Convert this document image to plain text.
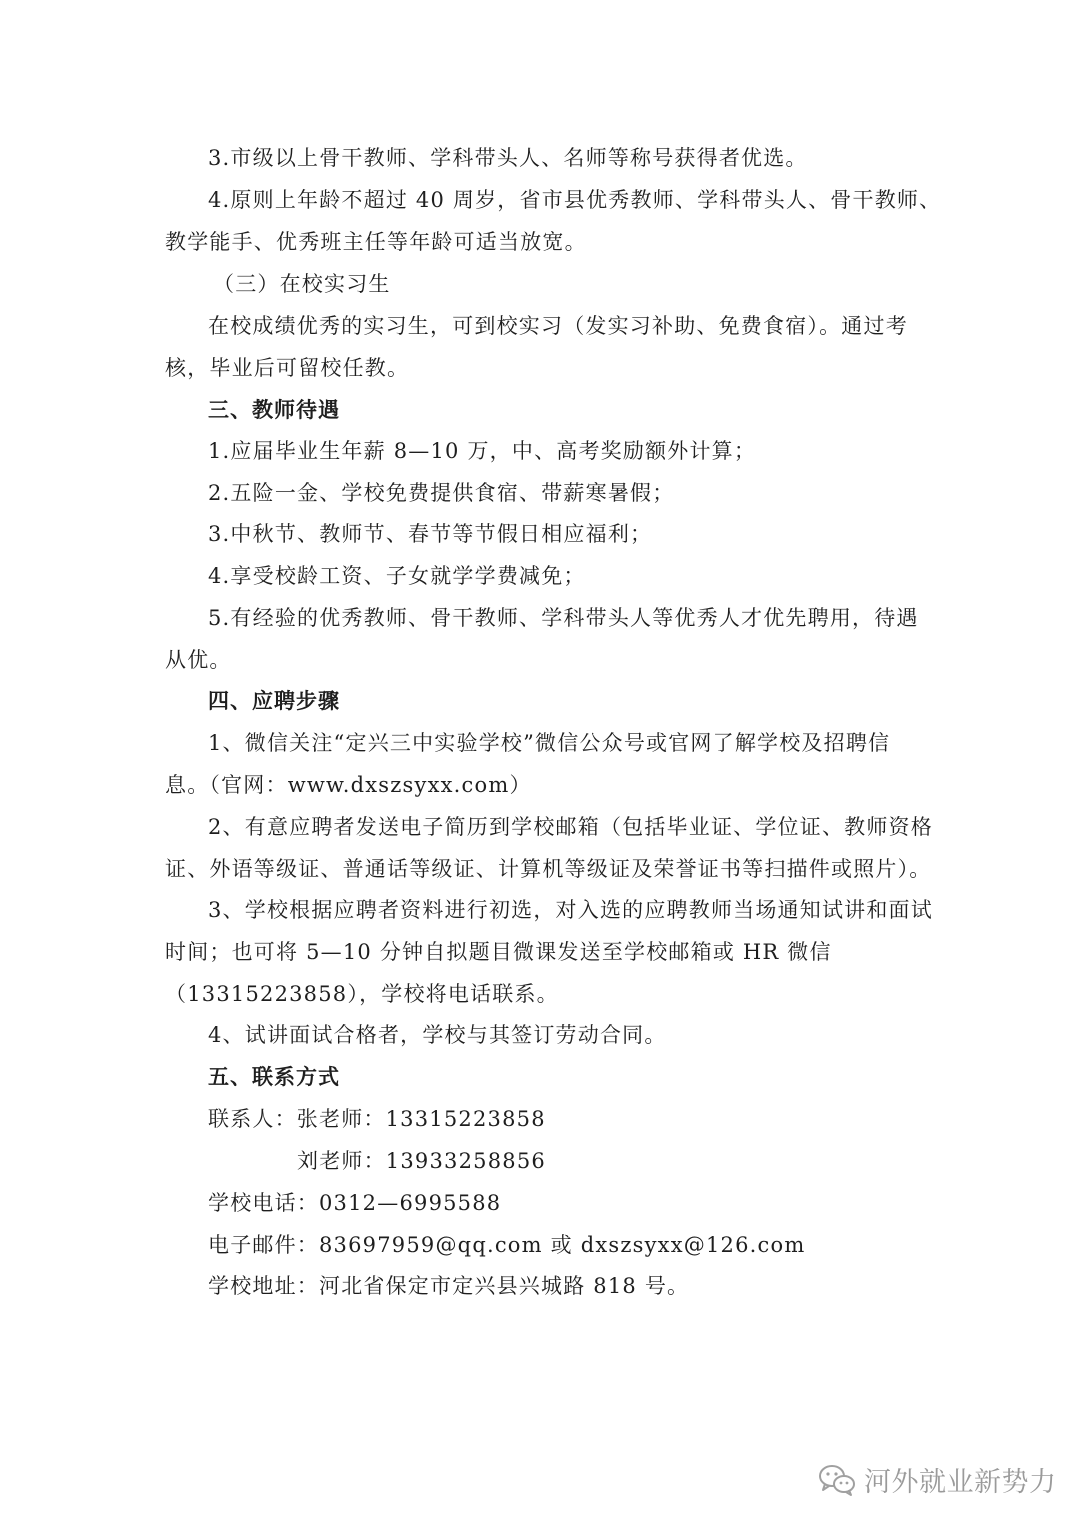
3.市级以上骨干教师、学科带头人、名师等称号获得者优选。
4.原则上年龄不超过 40 周岁，省市县优秀教师、学科带头人、骨干教师、
教学能手、优秀班主任等年龄可适当放宽。
（三）在校实习生
在校成绩优秀的实习生，可到校实习（发实习补助、免费食宿）。通过考
核，毕业后可留校任教。
三、教师待遇
1.应届毕业生年薪 8—10 万，中、高考奖励额外计算；
2.五险一金、学校免费提供食宿、带薪寒暑假；
3.中秋节、教师节、春节等节假日相应福利；
4.享受校龄工资、子女就学学费减免；
5.有经验的优秀教师、骨干教师、学科带头人等优秀人才优先聘用，待遇
从优。
四、应聘步骤
1、微信关注“定兴三中实验学校”微信公众号或官网了解学校及招聘信
息。（官网：www.dxszsyxx.com）
2、有意应聘者发送电子简历到学校邮箱（包括毕业证、学位证、教师资格
证、外语等级证、普通话等级证、计算机等级证及荣誉证书等扫描件或照片）。
3、学校根据应聘者资料进行初选，对入选的应聘教师当场通知试讲和面试
时间；也可将 5—10 分钟自拟题目微课发送至学校邮箱或 HR 微信
（13315223858），学校将电话联系。
4、试讲面试合格者，学校与其签订劳动合同。
五、联系方式
联系人：张老师：13315223858
刘老师：13933258856
学校电话：0312—6995588
电子邮件：83697959@qq.com 或 dxszsyxx@126.com
学校地址：河北省保定市定兴县兴城路 818 号。
河外就业新势力
